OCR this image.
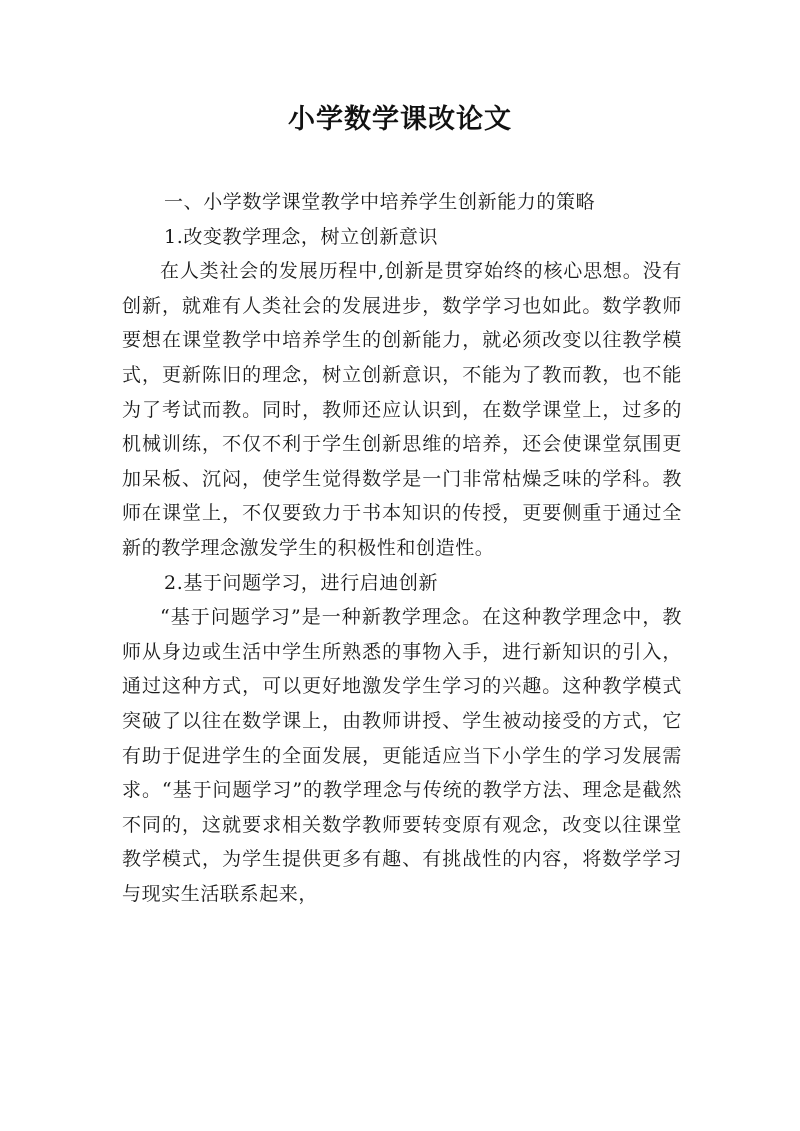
小学数学课改论文

一、小学数学课堂教学中培养学生创新能力的策略

1.改变教学理念，树立创新意识

在人类社会的发展历程中,创新是贯穿始终的核心思想。没有创新，就难有人类社会的发展进步，数学学习也如此。数学教师要想在课堂教学中培养学生的创新能力，就必须改变以往教学模式，更新陈旧的理念，树立创新意识，不能为了教而教，也不能为了考试而教。同时，教师还应认识到，在数学课堂上，过多的机械训练，不仅不利于学生创新思维的培养，还会使课堂氛围更加呆板、沉闷，使学生觉得数学是一门非常枯燥乏味的学科。教师在课堂上，不仅要致力于书本知识的传授，更要侧重于通过全新的教学理念激发学生的积极性和创造性。

2.基于问题学习，进行启迪创新

“基于问题学习”是一种新教学理念。在这种教学理念中，教师从身边或生活中学生所熟悉的事物入手，进行新知识的引入，通过这种方式，可以更好地激发学生学习的兴趣。这种教学模式突破了以往在数学课上，由教师讲授、学生被动接受的方式，它有助于促进学生的全面发展，更能适应当下小学生的学习发展需求。“基于问题学习”的教学理念与传统的教学方法、理念是截然不同的，这就要求相关数学教师要转变原有观念，改变以往课堂教学模式，为学生提供更多有趣、有挑战性的内容，将数学学习与现实生活联系起来，
